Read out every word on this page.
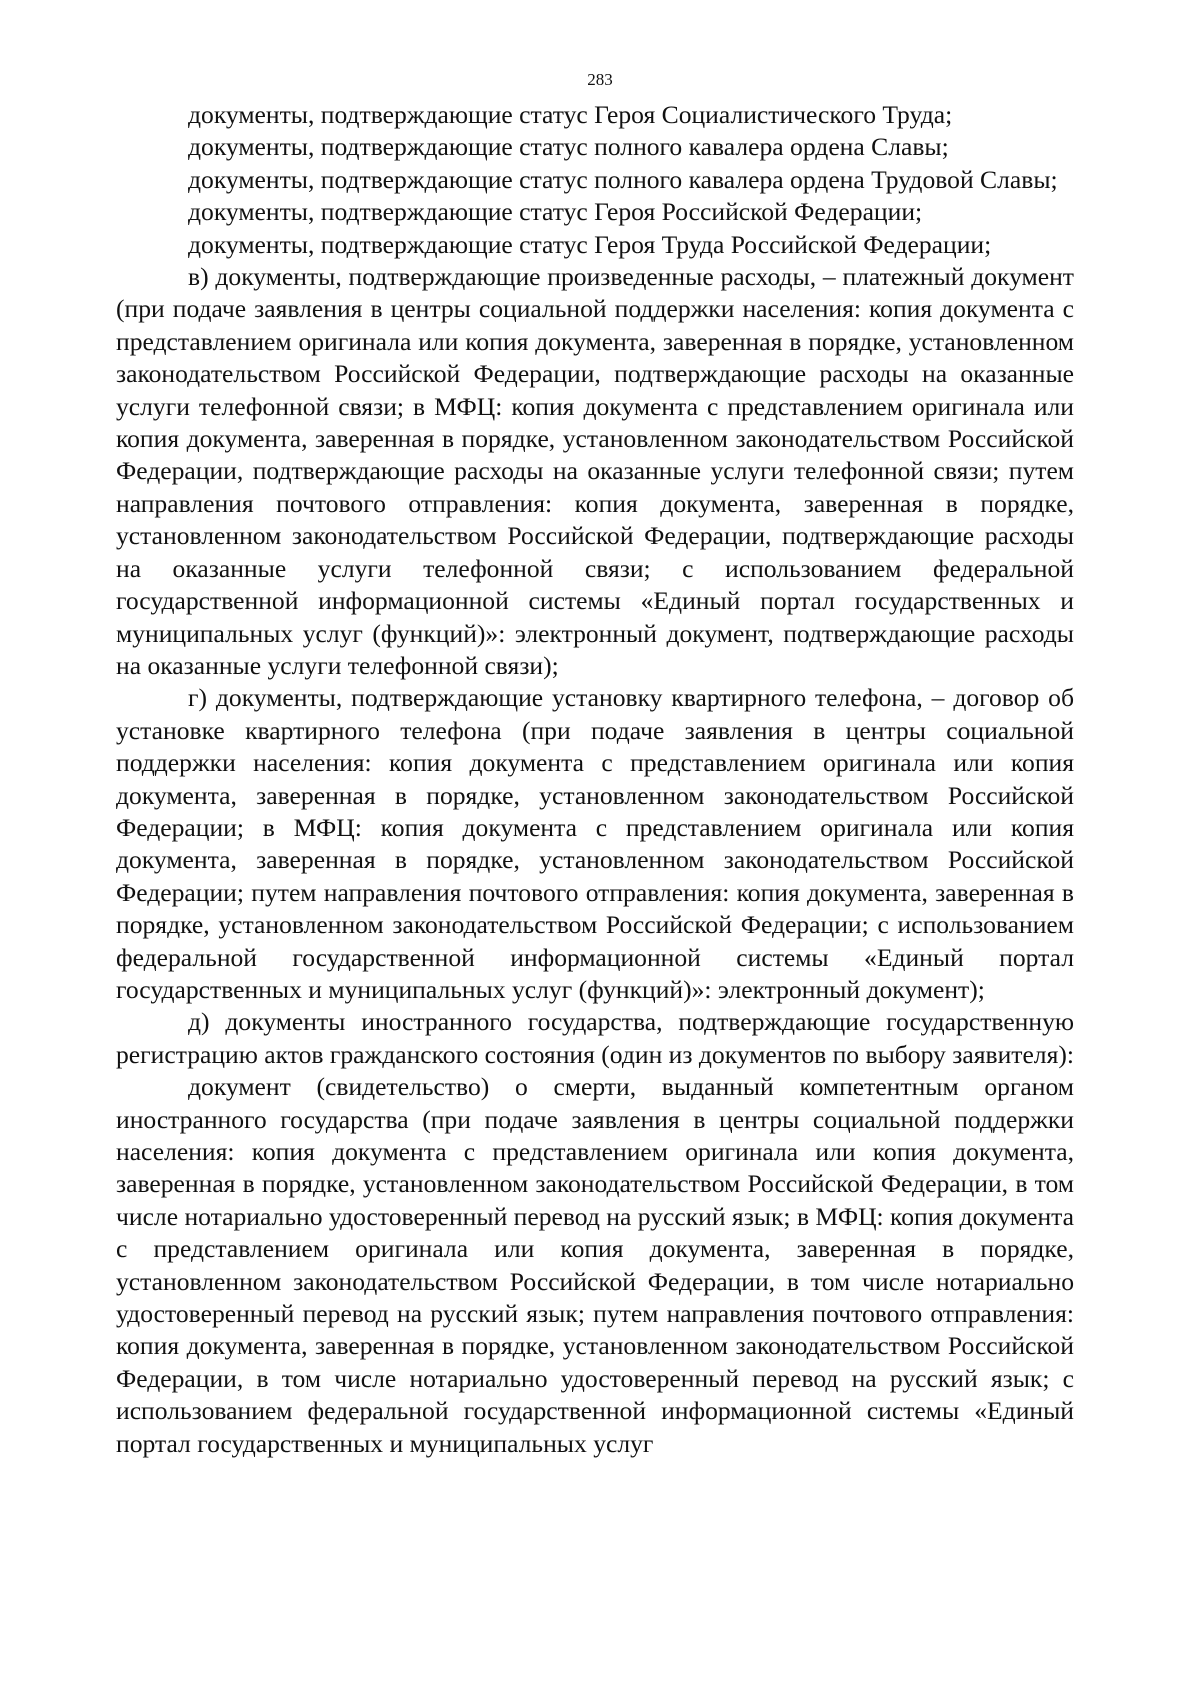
283

документы, подтверждающие статус Героя Социалистического Труда;

документы, подтверждающие статус полного кавалера ордена Славы;

документы, подтверждающие статус полного кавалера ордена Трудовой Славы;

документы, подтверждающие статус Героя Российской Федерации;

документы, подтверждающие статус Героя Труда Российской Федерации;

в) документы, подтверждающие произведенные расходы, – платежный документ (при подаче заявления в центры социальной поддержки населения: копия документа с представлением оригинала или копия документа, заверенная в порядке, установленном законодательством Российской Федерации, подтверждающие расходы на оказанные услуги телефонной связи; в МФЦ: копия документа с представлением оригинала или копия документа, заверенная в порядке, установленном законодательством Российской Федерации, подтверждающие расходы на оказанные услуги телефонной связи; путем направления почтового отправления: копия документа, заверенная в порядке, установленном законодательством Российской Федерации, подтверждающие расходы на оказанные услуги телефонной связи; с использованием федеральной государственной информационной системы «Единый портал государственных и муниципальных услуг (функций)»: электронный документ, подтверждающие расходы на оказанные услуги телефонной связи);

г) документы, подтверждающие установку квартирного телефона, – договор об установке квартирного телефона (при подаче заявления в центры социальной поддержки населения: копия документа с представлением оригинала или копия документа, заверенная в порядке, установленном законодательством Российской Федерации; в МФЦ: копия документа с представлением оригинала или копия документа, заверенная в порядке, установленном законодательством Российской Федерации; путем направления почтового отправления: копия документа, заверенная в порядке, установленном законодательством Российской Федерации; с использованием федеральной государственной информационной системы «Единый портал государственных и муниципальных услуг (функций)»: электронный документ);

д) документы иностранного государства, подтверждающие государственную регистрацию актов гражданского состояния (один из документов по выбору заявителя):

документ (свидетельство) о смерти, выданный компетентным органом иностранного государства (при подаче заявления в центры социальной поддержки населения: копия документа с представлением оригинала или копия документа, заверенная в порядке, установленном законодательством Российской Федерации, в том числе нотариально удостоверенный перевод на русский язык; в МФЦ: копия документа с представлением оригинала или копия документа, заверенная в порядке, установленном законодательством Российской Федерации, в том числе нотариально удостоверенный перевод на русский язык; путем направления почтового отправления: копия документа, заверенная в порядке, установленном законодательством Российской Федерации, в том числе нотариально удостоверенный перевод на русский язык; с использованием федеральной государственной информационной системы «Единый портал государственных и муниципальных услуг
